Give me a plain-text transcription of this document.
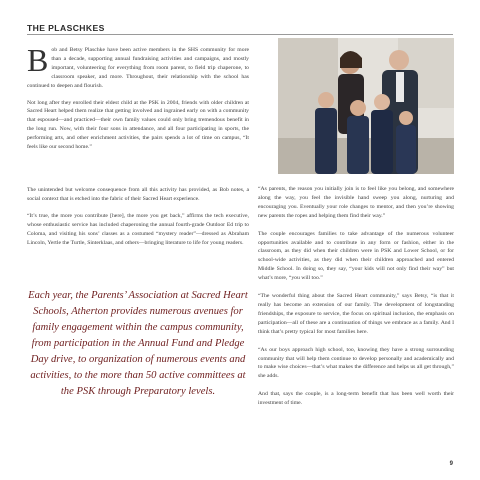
THE PLASCHKES

Bob and Betsy Plaschke have been active members in the SHS community for more than a decade, supporting annual fundraising activities and campaigns, and mostly important, volunteering for everything from room parent, to field trip chaperone, to classroom speaker, and more. Throughout, their relationship with the school has continued to deepen and flourish.

Not long after they enrolled their eldest child at the PSK in 2004, friends with older children at Sacred Heart helped them realize that getting involved and ingrained early on with a community that espoused—and practiced—their own family values could only bring tremendous benefit in the long run. Now, with their four sons in attendance, and all four participating in sports, the performing arts, and other enrichment activities, the pairs spends a lot of time on campus, “It feels like our second home.”

The unintended but welcome consequence from all this activity has provided, as Bob notes, a social context that is etched into the fabric of their Sacred Heart experience.

“It’s true, the more you contribute [here], the more you get back,” affirms the tech executive, whose enthusiastic service has included chaperoning the annual fourth-grade Outdoor Ed trip to Coloma, and visiting his sons’ classes as a costumed “mystery reader”—dressed as Abraham Lincoln, Yertle the Turtle, Sinterklaas, and others—bringing literature to life for young readers.

Each year, the Parents’ Association at Sacred Heart Schools, Atherton provides numerous avenues for family engagement within the campus community, from participation in the Annual Fund and Pledge Day drive, to organization of numerous events and activities, to the more than 50 active committees at the PSK through Preparatory levels.

“As parents, the reason you initially join is to feel like you belong, and somewhere along the way, you feel the invisible hand sweep you along, nurturing and encouraging you. Eventually your role changes to mentor, and then you’re showing new parents the ropes and helping them find their way.”

The couple encourages families to take advantage of the numerous volunteer opportunities available and to contribute in any form or fashion, either in the classroom, as they did when their children were in PSK and Lower School, or for school-wide activities, as they did when their children approached and entered Middle School. In doing so, they say, “your kids will not only find their way” but what’s more, “you will too.”

“The wonderful thing about the Sacred Heart community,” says Betsy, “is that it really has become an extension of our family. The development of longstanding friendships, the exposure to service, the focus on spiritual inclusion, the emphasis on participation—all of these are a continuation of things we embrace as a family. And I think that’s pretty typical for most families here.

“As our boys approach high school, too, knowing they have a strong surrounding community that will help them continue to develop personally and academically and to make wise choices—that’s what makes the difference and helps us all get through,” she adds.

And that, says the couple, is a long-term benefit that has been well worth their investment of time.

9
